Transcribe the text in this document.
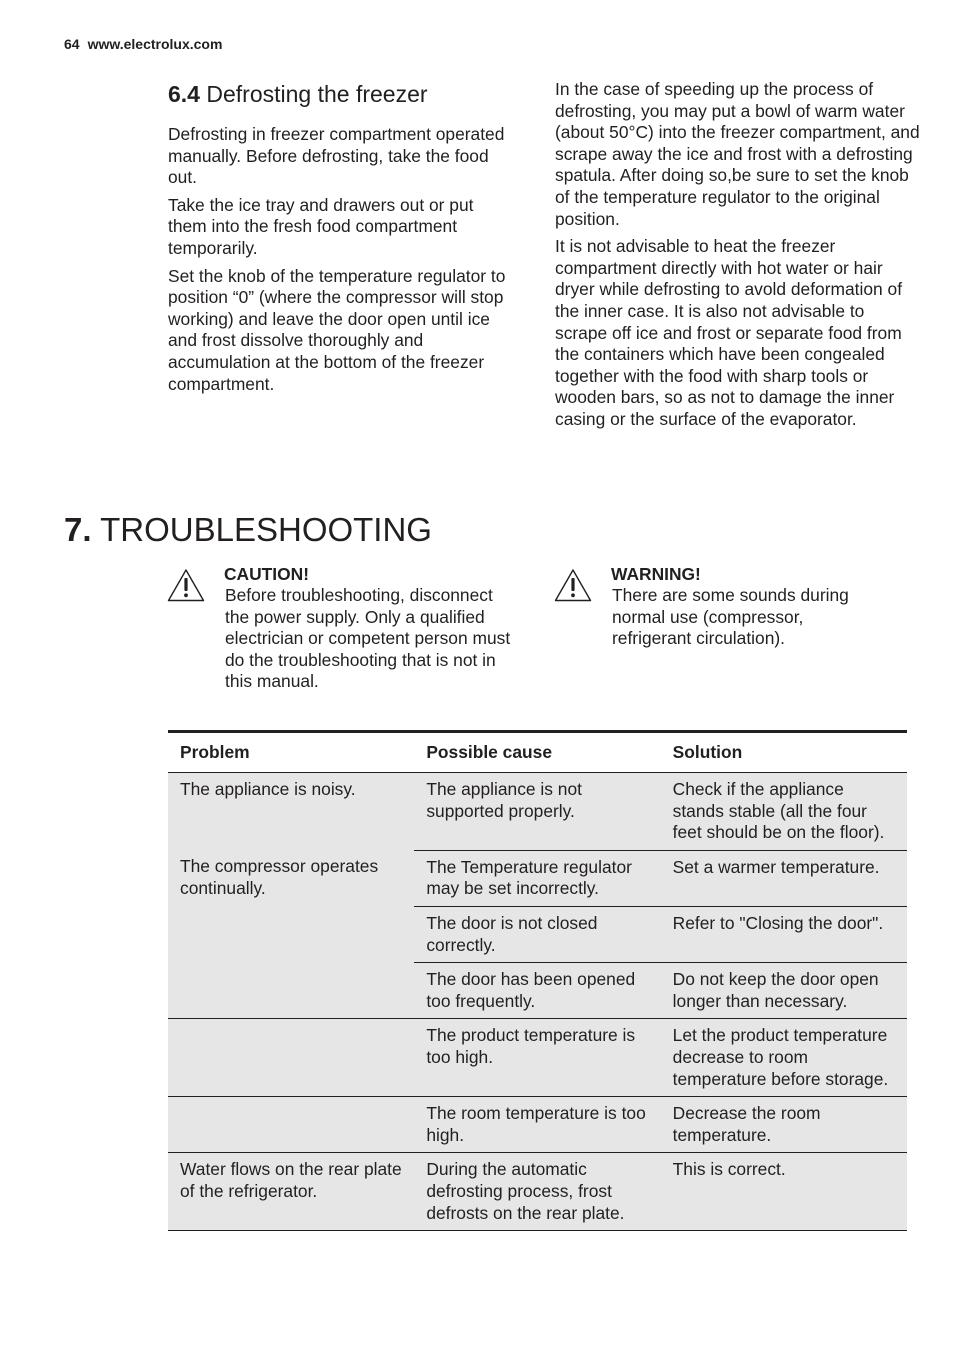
64 www.electrolux.com
6.4 Defrosting the freezer

Defrosting in freezer compartment operated manually. Before defrosting, take the food out.

Take the ice tray and drawers out or put them into the fresh food compartment temporarily.

Set the knob of the temperature regulator to position “0” (where the compressor will stop working) and leave the door open until ice and frost dissolve thoroughly and accumulation at the bottom of the freezer compartment.

In the case of speeding up the process of defrosting, you may put a bowl of warm water (about 50°C) into the freezer compartment, and scrape away the ice and frost with a defrosting spatula. After doing so,be sure to set the knob of the temperature regulator to the original position.

It is not advisable to heat the freezer compartment directly with hot water or hair dryer while defrosting to avold deformation of the inner case. It is also not advisable to scrape off ice and frost or separate food from the containers which have been congealed together with the food with sharp tools or wooden bars, so as not to damage the inner casing or the surface of the evaporator.

7. TROUBLESHOOTING
CAUTION!
Before troubleshooting, disconnect the power supply. Only a qualified electrician or competent person must do the troubleshooting that is not in this manual.
WARNING!
There are some sounds during normal use (compressor, refrigerant circulation).
Problem	Possible cause	Solution
The appliance is noisy.	The appliance is not supported properly.	Check if the appliance stands stable (all the four feet should be on the floor).
The compressor operates continually.	The Temperature regulator may be set incorrectly.	Set a warmer temperature.
	The door is not closed correctly.	Refer to "Closing the door".
	The door has been opened too frequently.	Do not keep the door open longer than necessary.
	The product temperature is too high.	Let the product temperature decrease to room temperature before storage.
	The room temperature is too high.	Decrease the room temperature.
Water flows on the rear plate of the refrigerator.	During the automatic defrosting process, frost defrosts on the rear plate.	This is correct.
